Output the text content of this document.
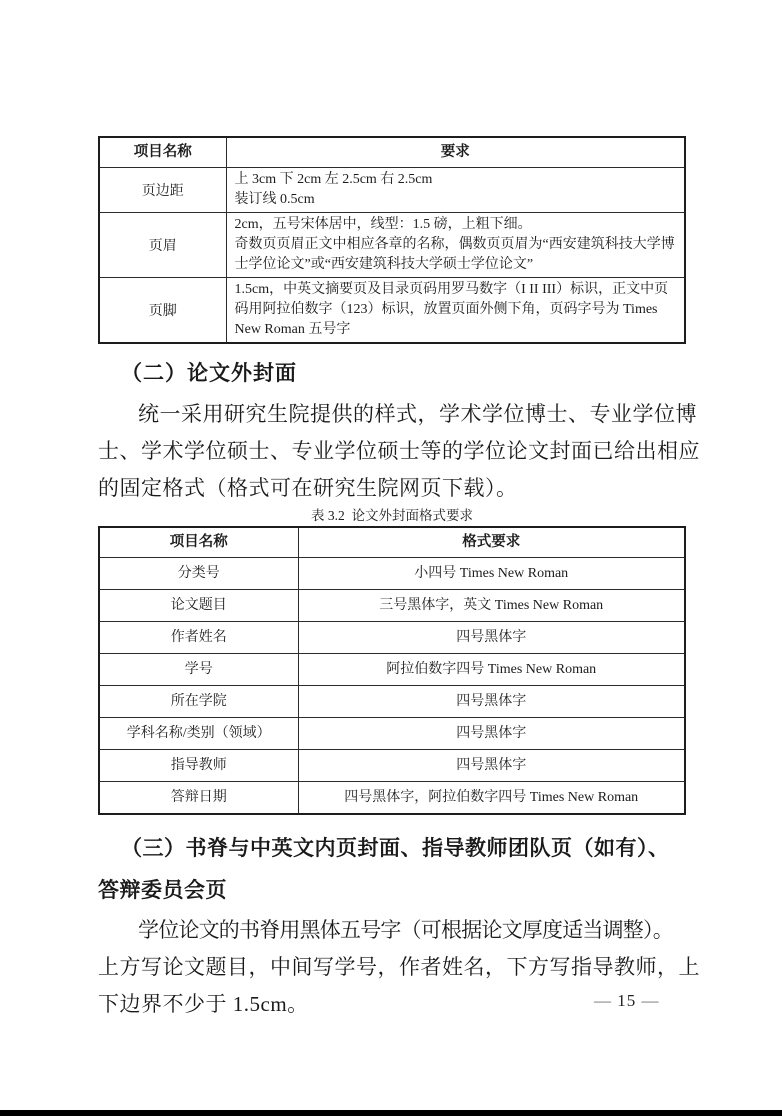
项目名称	要求
页边距	上 3cm 下 2cm 左 2.5cm 右 2.5cm
装订线 0.5cm

页眉	2cm，五号宋体居中，线型：1.5 磅，上粗下细。
奇数页页眉正文中相应各章的名称，偶数页页眉为“西安建筑科技大学博士学位论文”或“西安建筑科技大学硕士学位论文”

页脚	1.5cm，中英文摘要页及目录页码用罗马数字（I II III）标识，正文中页码用阿拉伯数字（123）标识，放置页面外侧下角，页码字号为 Times New Roman 五号字
（二）论文外封面
统一采用研究生院提供的样式，学术学位博士、专业学位博
士、学术学位硕士、专业学位硕士等的学位论文封面已给出相应
的固定格式（格式可在研究生院网页下载）。
表 3.2  论文外封面格式要求
项目名称	格式要求
分类号	小四号 Times New Roman
论文题目	三号黑体字，英文 Times New Roman
作者姓名	四号黑体字
学号	阿拉伯数字四号 Times New Roman
所在学院	四号黑体字
学科名称/类别（领域）	四号黑体字
指导教师	四号黑体字
答辩日期	四号黑体字，阿拉伯数字四号 Times New Roman
（三）书脊与中英文内页封面、指导教师团队页（如有）、
答辩委员会页
学位论文的书脊用黑体五号字（可根据论文厚度适当调整）。
上方写论文题目，中间写学号，作者姓名，下方写指导教师，上
下边界不少于 1.5cm。	— 15 —
